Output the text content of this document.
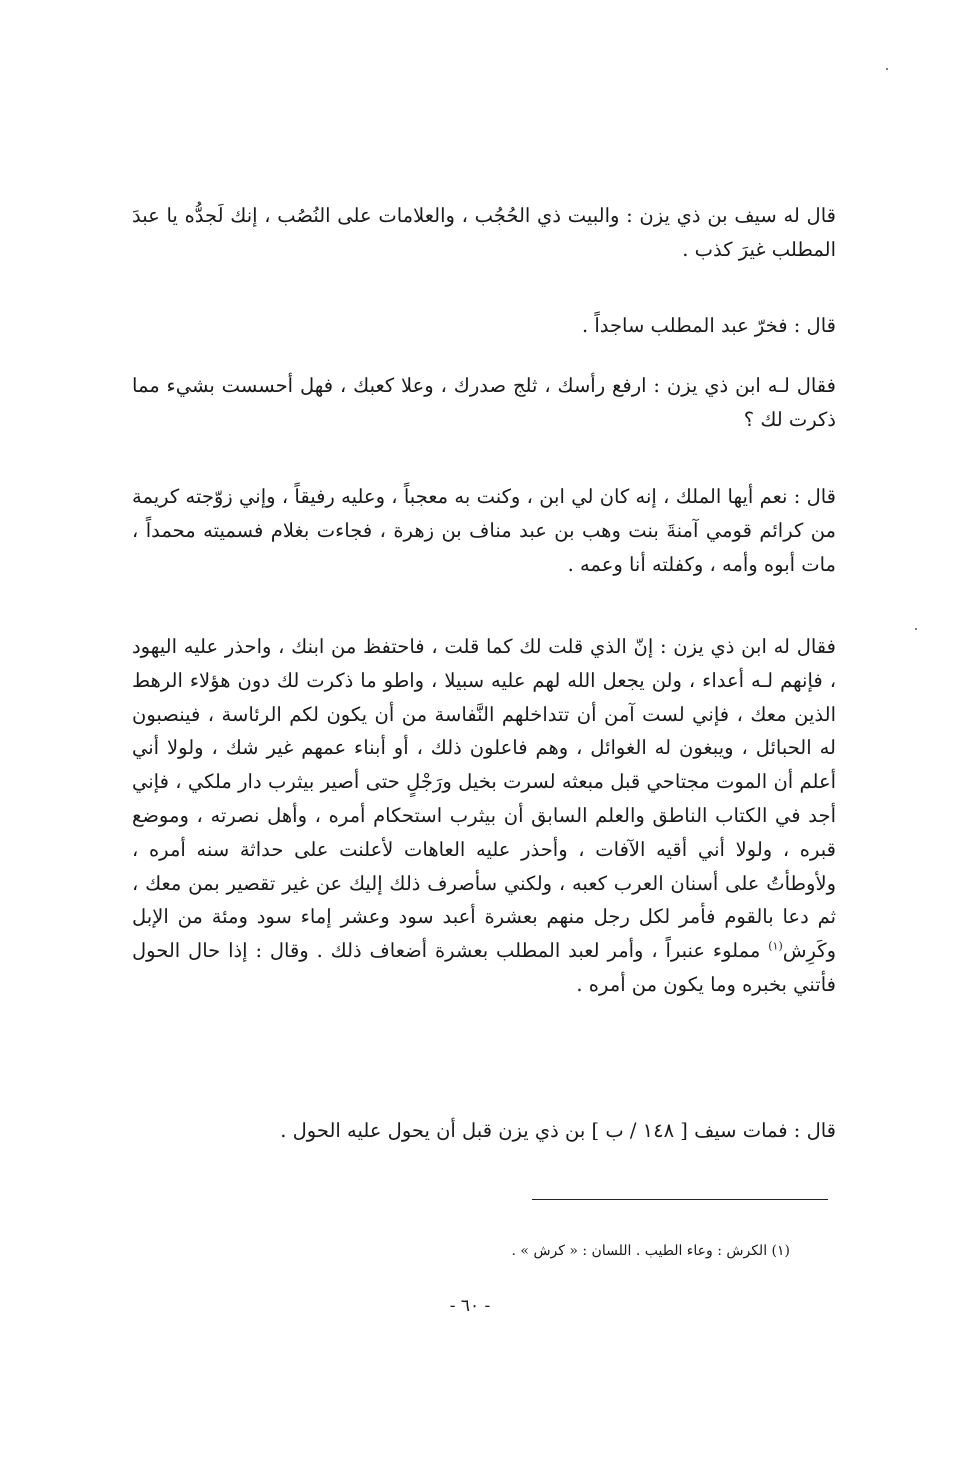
قال له سيف بن ذي يزن : والبيت ذي الحُجُب ، والعلامات على النُصُب ، إنك لَجدُّه يا عبدَ المطلب غيرَ كذب .

قال : فخرّ عبد المطلب ساجداً .

فقال لـه ابن ذي يزن : ارفع رأسك ، ثلج صدرك ، وعلا كعبك ، فهل أحسست بشيء مما ذكرت لك ؟

قال : نعم أيها الملك ، إنه كان لي ابن ، وكنت به معجباً ، وعليه رفيقاً ، وإني زوّجته كريمة من كرائم قومي آمنةَ بنت وهب بن عبد مناف بن زهرة ، فجاءت بغلام فسميته محمداً ، مات أبوه وأمه ، وكفلته أنا وعمه .

فقال له ابن ذي يزن : إنّ الذي قلت لك كما قلت ، فاحتفظ من ابنك ، واحذر عليه اليهود ، فإنهم لـه أعداء ، ولن يجعل الله لهم عليه سبيلا ، واطو ما ذكرت لك دون هؤلاء الرهط الذين معك ، فإني لست آمن أن تتداخلهم النَّفاسة من أن يكون لكم الرئاسة ، فينصبون له الحبائل ، ويبغون له الغوائل ، وهم فاعلون ذلك ، أو أبناء عمهم غير شك ، ولولا أني أعلم أن الموت مجتاحي قبل مبعثه لسرت بخيل ورَجْلٍ حتى أصير بيثرب دار ملكي ، فإني أجد في الكتاب الناطق والعلم السابق أن بيثرب استحكام أمره ، وأهل نصرته ، وموضع قبره ، ولولا أني أقيه الآفات ، وأحذر عليه العاهات لأعلنت على حداثة سنه أمره ، ولأوطأتُ على أسنان العرب كعبه ، ولكني سأصرف ذلك إليك عن غير تقصير بمن معك ، ثم دعا بالقوم فأمر لكل رجل منهم بعشرة أعبد سود وعشر إماء سود ومئة من الإبل وكَرِش$^{(١)}$ مملوء عنبراً ، وأمر لعبد المطلب بعشرة أضعاف ذلك . وقال : إذا حال الحول فأتني بخبره وما يكون من أمره .

قال : فمات سيف [ ١٤٨ / ب ] بن ذي يزن قبل أن يحول عليه الحول .

(١) الكرش : وعاء الطيب . اللسان : « كرش » .
- ٦٠ -
